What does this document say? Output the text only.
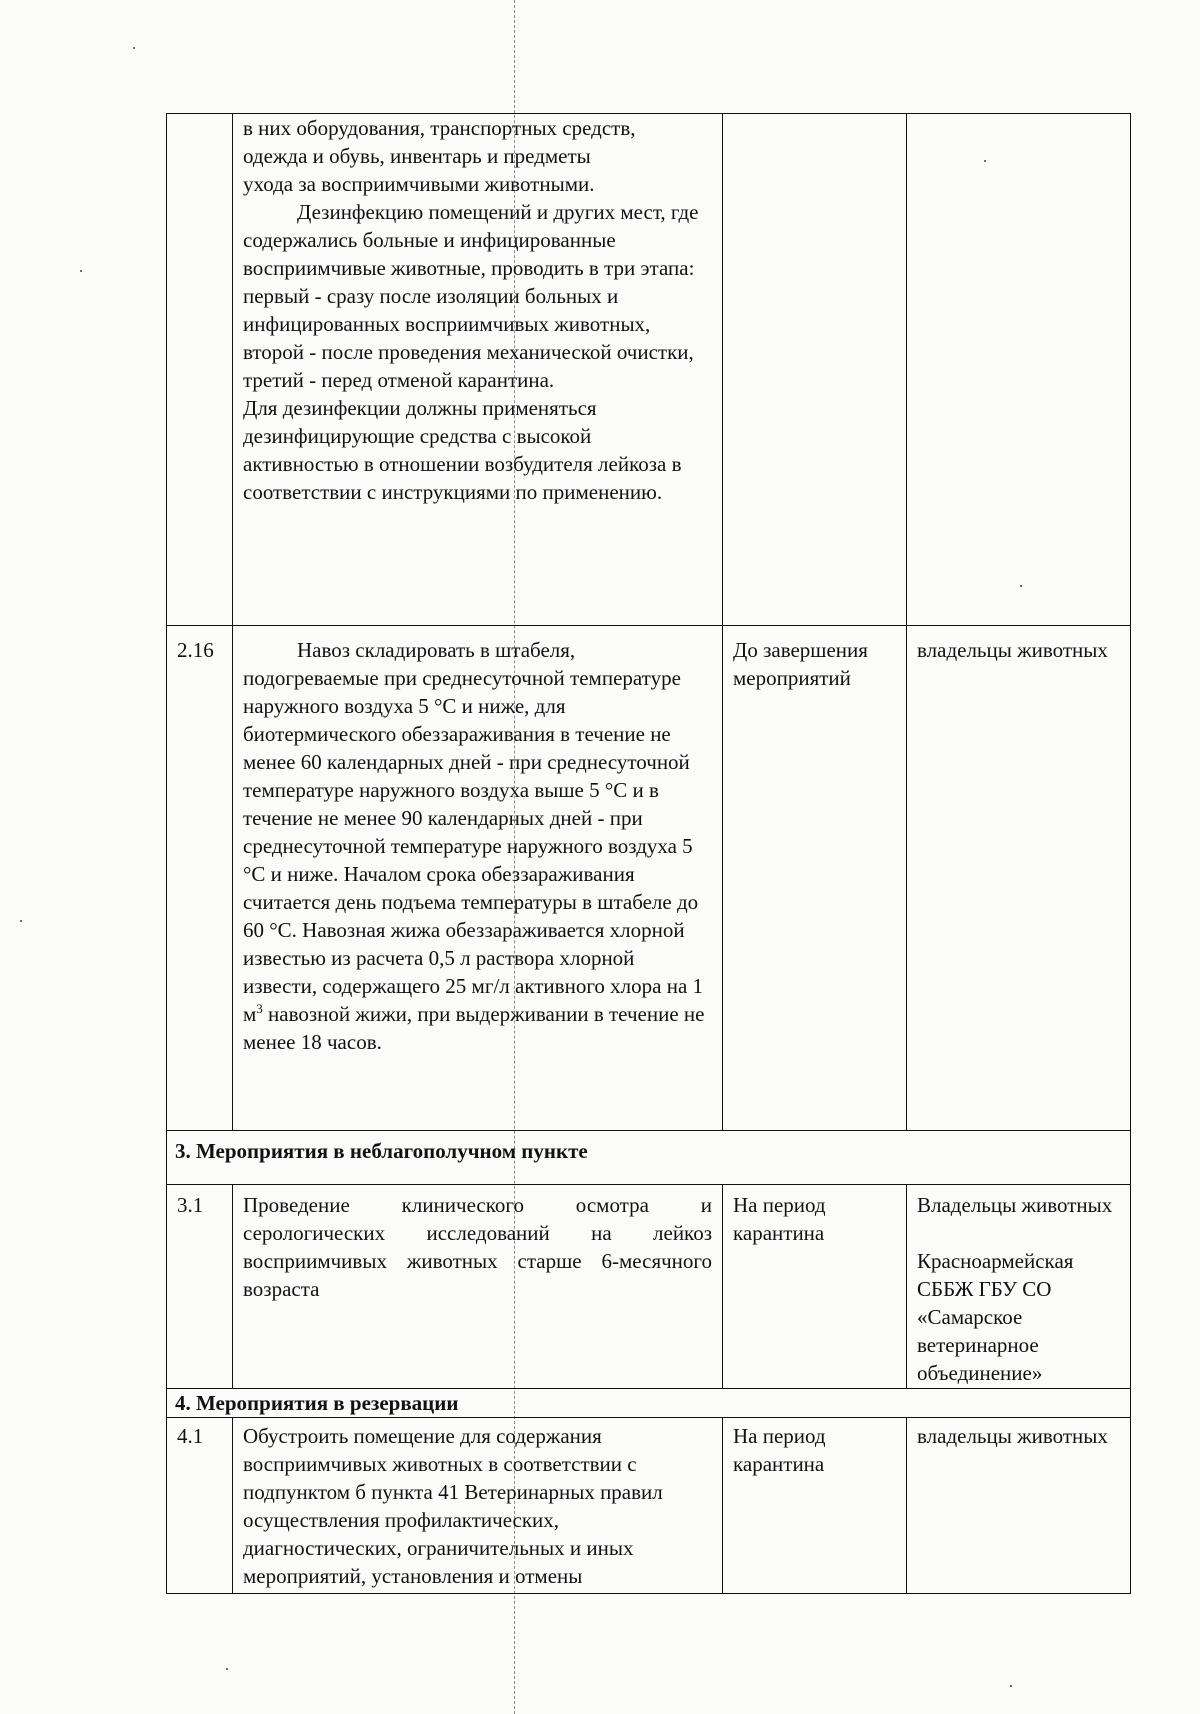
	в них оборудования, транспортных средств,

одежда и обувь, инвентарь и предметы

ухода за восприимчивыми животными.

Дезинфекцию помещений и других мест, где содержались больные и инфицированные восприимчивые животные, проводить в три этапа: первый - сразу после изоляции больных и инфицированных восприимчивых животных, второй - после проведения механической очистки, третий - перед отменой карантина.

Для дезинфекции должны применяться дезинфицирующие средства с высокой активностью в отношении возбудителя лейкоза в соответствии с инструкциями по применению.		

2.16	Навоз складировать в штабеля, подогреваемые при среднесуточной температуре наружного воздуха 5 °С и ниже, для биотермического обеззараживания в течение не менее 60 календарных дней - при среднесуточной температуре наружного воздуха выше 5 °С и в течение не менее 90 календарных дней - при среднесуточной температуре наружного воздуха 5 °С и ниже. Началом срока обеззараживания считается день подъема температуры в штабеле до 60 °С. Навозная жижа обеззараживается хлорной известью из расчета 0,5 л раствора хлорной извести, содержащего 25 мг/л активного хлора на 1 $м^3$ навозной жижи, при выдерживании в течение не менее 18 часов.	До завершения мероприятий	владельцы животных
3. Мероприятия в неблагополучном пункте			
3.1	Проведение клинического осмотра и серологических исследований на лейкоз восприимчивых животных старше 6-месячного возраста	На период карантина	Владельцы животных
Красноармейская СББЖ ГБУ СО «Самарское ветеринарное объединение»

4. Мероприятия в резервации			
4.1	Обустроить помещение для содержания восприимчивых животных в соответствии с подпунктом б пункта 41 Ветеринарных правил осуществления профилактических, диагностических, ограничительных и иных мероприятий, установления и отмены	На период карантина	владельцы животных
